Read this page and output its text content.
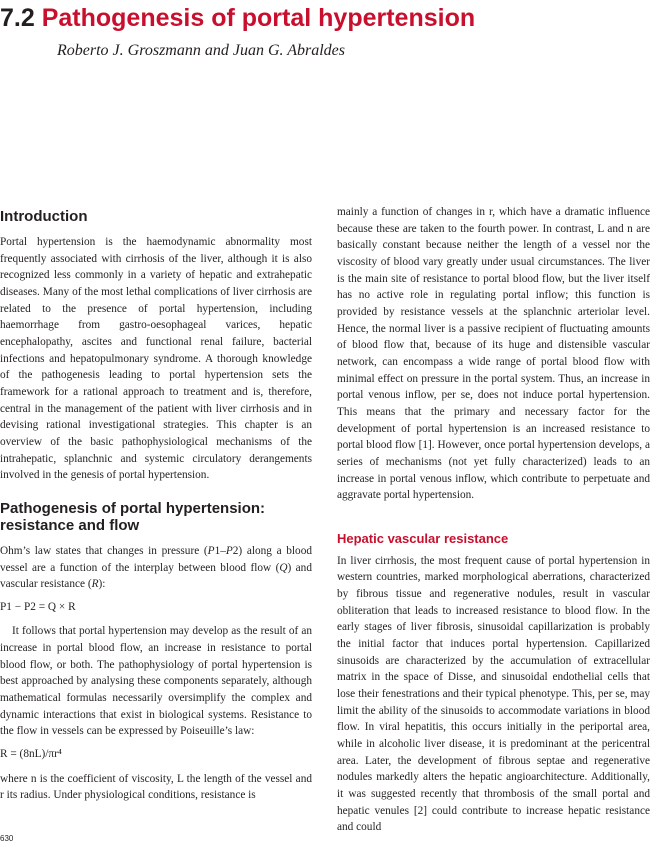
7.2 Pathogenesis of portal hypertension
Roberto J. Groszmann and Juan G. Abraldes
Introduction

Portal hypertension is the haemodynamic abnormality most frequently associated with cirrhosis of the liver, although it is also recognized less commonly in a variety of hepatic and extrahepatic diseases. Many of the most lethal complications of liver cirrhosis are related to the presence of portal hypertension, including haemorrhage from gastro-oesophageal varices, hepatic encephalopathy, ascites and functional renal failure, bacterial infections and hepatopulmonary syndrome. A thorough knowledge of the pathogenesis leading to portal hypertension sets the framework for a rational approach to treatment and is, therefore, central in the management of the patient with liver cirrhosis and in devising rational investigational strategies. This chapter is an overview of the basic pathophysiological mechanisms of the intrahepatic, splanchnic and systemic circulatory derangements involved in the genesis of portal hypertension.

Pathogenesis of portal hypertension: resistance and flow

Ohm’s law states that changes in pressure (P1–P2) along a blood vessel are a function of the interplay between blood flow (Q) and vascular resistance (R):

P1 − P2 = Q × R

It follows that portal hypertension may develop as the result of an increase in portal blood flow, an increase in resistance to portal blood flow, or both. The pathophysiology of portal hypertension is best approached by analysing these components separately, although mathematical formulas necessarily oversimplify the complex and dynamic interactions that exist in biological systems. Resistance to the flow in vessels can be expressed by Poiseuille’s law:

R = (8nL)/πr⁴

where n is the coefficient of viscosity, L the length of the vessel and r its radius. Under physiological conditions, resistance is

mainly a function of changes in r, which have a dramatic influence because these are taken to the fourth power. In contrast, L and n are basically constant because neither the length of a vessel nor the viscosity of blood vary greatly under usual circumstances. The liver is the main site of resistance to portal blood flow, but the liver itself has no active role in regulating portal inflow; this function is provided by resistance vessels at the splanchnic arteriolar level. Hence, the normal liver is a passive recipient of fluctuating amounts of blood flow that, because of its huge and distensible vascular network, can encompass a wide range of portal blood flow with minimal effect on pressure in the portal system. Thus, an increase in portal venous inflow, per se, does not induce portal hypertension. This means that the primary and necessary factor for the development of portal hypertension is an increased resistance to portal blood flow [1]. However, once portal hypertension develops, a series of mechanisms (not yet fully characterized) leads to an increase in portal venous inflow, which contribute to perpetuate and aggravate portal hypertension.

Hepatic vascular resistance

In liver cirrhosis, the most frequent cause of portal hypertension in western countries, marked morphological aberrations, characterized by fibrous tissue and regenerative nodules, result in vascular obliteration that leads to increased resistance to blood flow. In the early stages of liver fibrosis, sinusoidal capillarization is probably the initial factor that induces portal hypertension. Capillarized sinusoids are characterized by the accumulation of extracellular matrix in the space of Disse, and sinusoidal endothelial cells that lose their fenestrations and their typical phenotype. This, per se, may limit the ability of the sinusoids to accommodate variations in blood flow. In viral hepatitis, this occurs initially in the periportal area, while in alcoholic liver disease, it is predominant at the pericentral area. Later, the development of fibrous septae and regenerative nodules markedly alters the hepatic angioarchitecture. Additionally, it was suggested recently that thrombosis of the small portal and hepatic venules [2] could contribute to increase hepatic resistance and could

630
